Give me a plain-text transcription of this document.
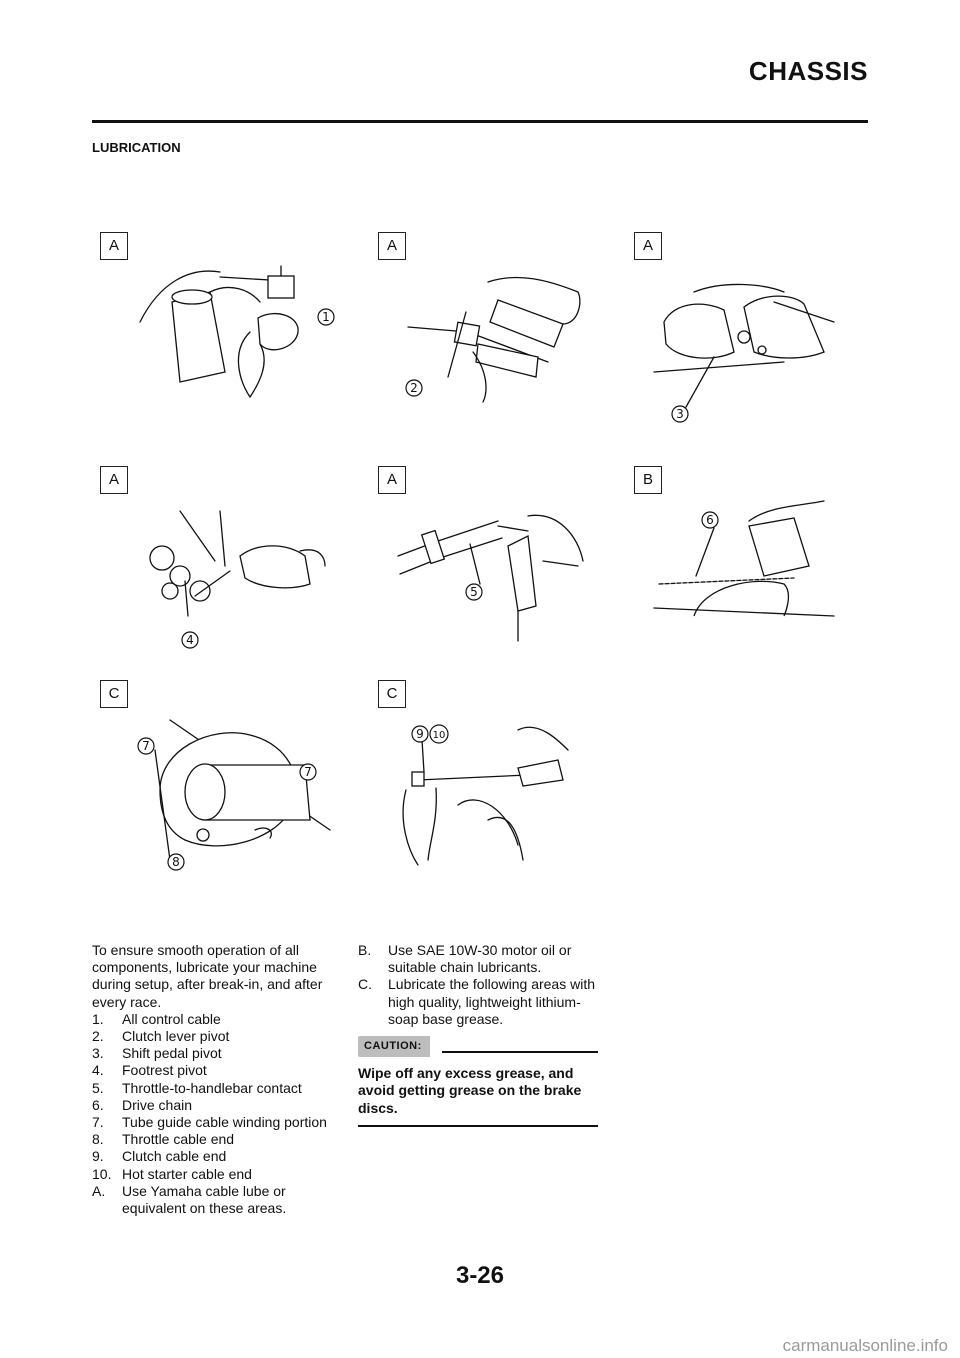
CHASSIS
LUBRICATION
A
1
A
2
A
3
A
4
A
5
B
6
C
7
7
8
C
9 10
To ensure smooth operation of all components, lubricate your machine during setup, after break-in, and after every race.
1. All control cable
2. Clutch lever pivot
3. Shift pedal pivot
4. Footrest pivot
5. Throttle-to-handlebar contact
6. Drive chain
7. Tube guide cable winding portion
8. Throttle cable end
9. Clutch cable end
10. Hot starter cable end
A. Use Yamaha cable lube or equivalent on these areas.
B. Use SAE 10W-30 motor oil or suitable chain lubricants.
C. Lubricate the following areas with high quality, lightweight lithium-soap base grease.
CAUTION:
Wipe off any excess grease, and avoid getting grease on the brake discs.
3-26
carmanualsonline.info
